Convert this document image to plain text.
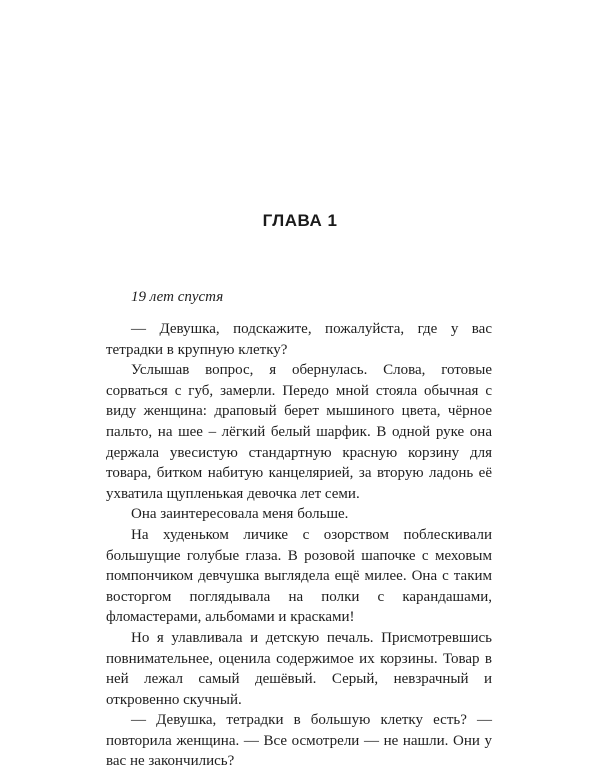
ГЛАВА 1
19 лет спустя

— Девушка, подскажите, пожалуйста, где у вас тетрадки в крупную клетку?

Услышав вопрос, я обернулась. Слова, готовые сорваться с губ, замерли. Передо мной стояла обычная с виду женщина: драповый берет мышиного цвета, чёрное пальто, на шее – лёгкий белый шарфик. В одной руке она держала увесистую стандартную красную корзину для товара, битком набитую канцелярией, за вторую ладонь её ухватила щупленькая девочка лет семи.

Она заинтересовала меня больше.

На худеньком личике с озорством поблескивали большущие голубые глаза. В розовой шапочке с меховым помпончиком девчушка выглядела ещё милее. Она с таким восторгом поглядывала на полки с карандашами, фломастерами, альбомами и красками!

Но я улавливала и детскую печаль. Присмотревшись повнимательнее, оценила содержимое их корзины. Товар в ней лежал самый дешёвый. Серый, невзрачный и откровенно скучный.

— Девушка, тетрадки в большую клетку есть? — повторила женщина. — Все осмотрели — не нашли. Они у вас не закончились?
